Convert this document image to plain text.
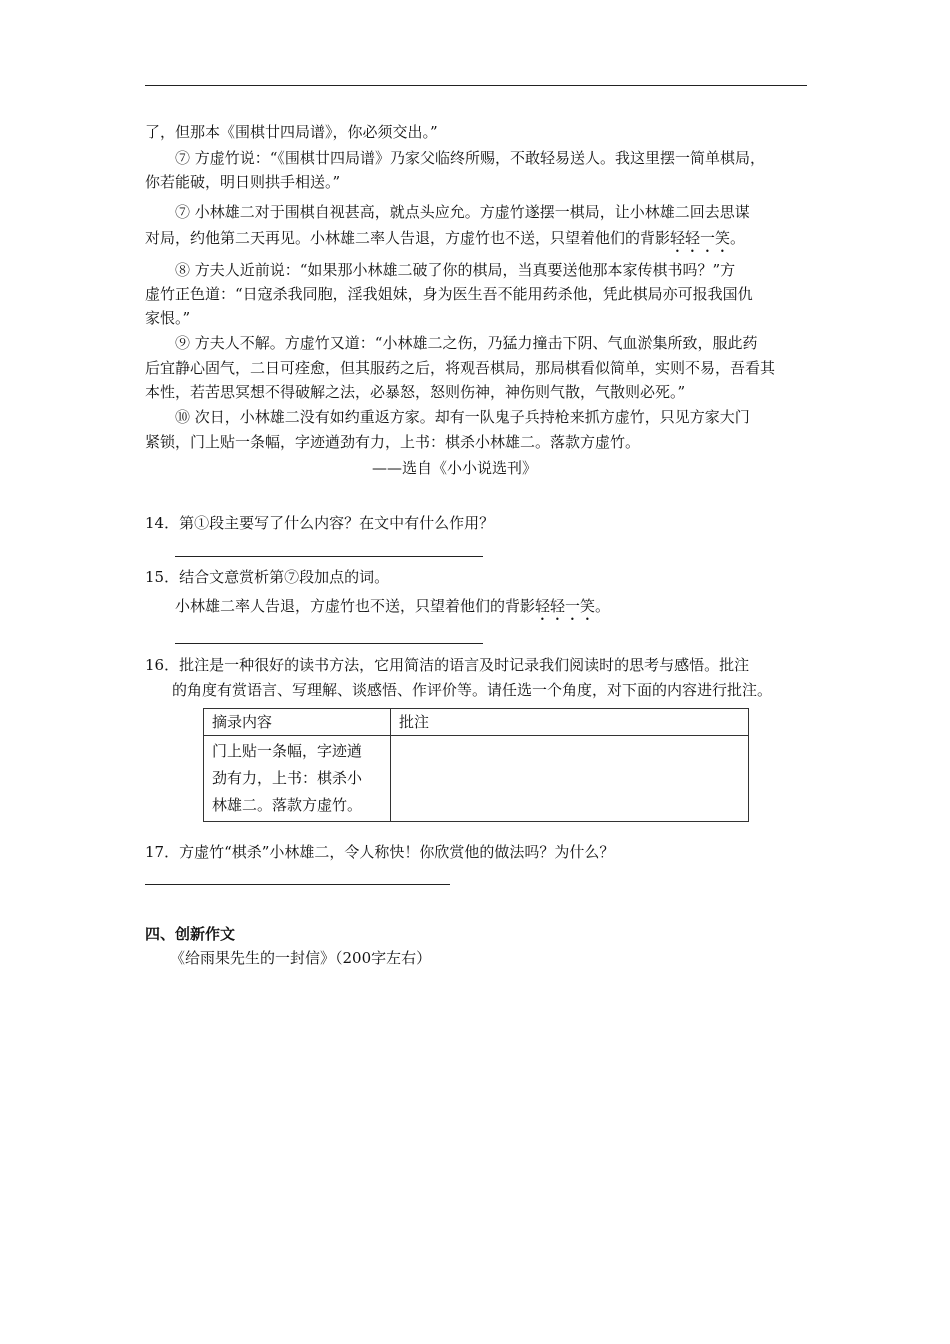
了，但那本《围棋廿四局谱》，你必须交出。”
⑦ 方虚竹说：“《围棋廿四局谱》乃家父临终所赐，不敢轻易送人。我这里摆一简单棋局，
你若能破，明日则拱手相送。”
⑦ 小林雄二对于围棋自视甚高，就点头应允。方虚竹遂摆一棋局，让小林雄二回去思谋
对局，约他第二天再见。小林雄二率人告退，方虚竹也不送，只望着他们的背影轻轻一笑。
⑧ 方夫人近前说：“如果那小林雄二破了你的棋局，当真要送他那本家传棋书吗？”方
虚竹正色道：“日寇杀我同胞，淫我姐妹，身为医生吾不能用药杀他，凭此棋局亦可报我国仇
家恨。”
⑨ 方夫人不解。方虚竹又道：“小林雄二之伤，乃猛力撞击下阴、气血淤集所致，服此药
后宜静心固气，二日可痊愈，但其服药之后，将观吾棋局，那局棋看似简单，实则不易，吾看其
本性，若苦思冥想不得破解之法，必暴怒，怒则伤神，神伤则气散，气散则必死。”
⑩ 次日，小林雄二没有如约重返方家。却有一队鬼子兵持枪来抓方虚竹，只见方家大门
紧锁，门上贴一条幅，字迹遒劲有力，上书：棋杀小林雄二。落款方虚竹。
——选自《小小说选刊》
14．第①段主要写了什么内容？在文中有什么作用？
15．结合文意赏析第⑦段加点的词。
小林雄二率人告退，方虚竹也不送，只望着他们的背影轻轻一笑。
16．批注是一种很好的读书方法，它用简洁的语言及时记录我们阅读时的思考与感悟。批注
的角度有赏语言、写理解、谈感悟、作评价等。请任选一个角度，对下面的内容进行批注。
摘录内容	批注

门上贴一条幅，字迹遒
劲有力，上书：棋杀小
林雄二。落款方虚竹。	

17．方虚竹“棋杀”小林雄二，令人称快！你欣赏他的做法吗？为什么？
四、创新作文
《给雨果先生的一封信》（200字左右）
